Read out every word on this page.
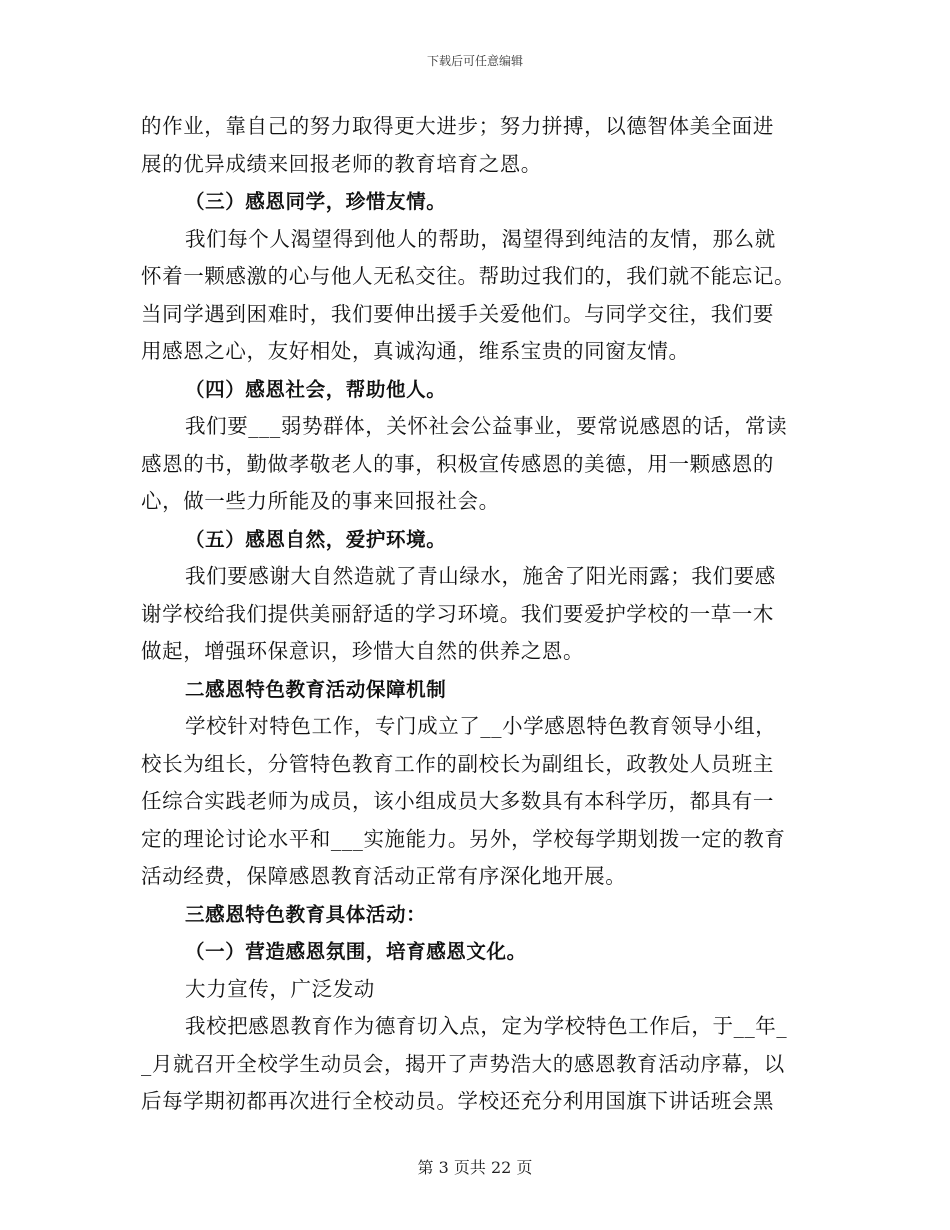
下载后可任意编辑
的作业，靠自己的努力取得更大进步；努力拼搏，以德智体美全面进
展的优异成绩来回报老师的教育培育之恩。
（三）感恩同学，珍惜友情。
我们每个人渴望得到他人的帮助，渴望得到纯洁的友情，那么就
怀着一颗感激的心与他人无私交往。帮助过我们的，我们就不能忘记。
当同学遇到困难时，我们要伸出援手关爱他们。与同学交往，我们要
用感恩之心，友好相处，真诚沟通，维系宝贵的同窗友情。
（四）感恩社会，帮助他人。
我们要___弱势群体，关怀社会公益事业，要常说感恩的话，常读
感恩的书，勤做孝敬老人的事，积极宣传感恩的美德，用一颗感恩的
心，做一些力所能及的事来回报社会。
（五）感恩自然，爱护环境。
我们要感谢大自然造就了青山绿水，施舍了阳光雨露；我们要感
谢学校给我们提供美丽舒适的学习环境。我们要爱护学校的一草一木
做起，增强环保意识，珍惜大自然的供养之恩。
二感恩特色教育活动保障机制
学校针对特色工作，专门成立了__小学感恩特色教育领导小组，
校长为组长，分管特色教育工作的副校长为副组长，政教处人员班主
任综合实践老师为成员，该小组成员大多数具有本科学历，都具有一
定的理论讨论水平和___实施能力。另外，学校每学期划拨一定的教育
活动经费，保障感恩教育活动正常有序深化地开展。
三感恩特色教育具体活动：
（一）营造感恩氛围，培育感恩文化。
大力宣传，广泛发动
我校把感恩教育作为德育切入点，定为学校特色工作后，于__年_
_月就召开全校学生动员会，揭开了声势浩大的感恩教育活动序幕，以
后每学期初都再次进行全校动员。学校还充分利用国旗下讲话班会黑
第 3 页共 22 页
